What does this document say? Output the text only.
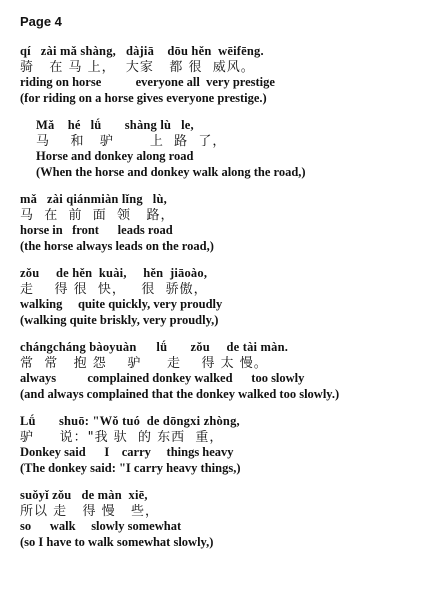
Page 4
qí   zài mǎ shàng,   dàjiā    dōu hěn  wēifēng.
骑   在 马 上，  大家   都 很  威风。
riding on horse           everyone all  very prestige
(for riding on a horse gives everyone prestige.)
Mǎ    hé   lǘ       shàng lù   le,
马    和   驴       上  路  了，
Horse and donkey along road
(When the horse and donkey walk along the road,)
mǎ   zài qiánmiàn lǐng   lù,
马  在  前  面  领   路，
horse in   front      leads road
(the horse always leads on the road,)
zǒu     de hěn  kuài,     hěn  jiāoào,
走    得 很  快，   很  骄傲，
walking     quite quickly, very proudly
(walking quite briskly, very proudly,)
chángcháng bàoyuàn      lǘ       zǒu     de tài màn.
常  常   抱 怨    驴     走    得 太 慢。
always          complained donkey walked      too slowly
(and always complained that the donkey walked too slowly.)
Lǘ       shuō: "Wǒ tuó  de dōngxi zhòng,
驴     说："我 驮  的 东西  重，
Donkey said      I    carry     things heavy
(The donkey said: "I carry heavy things,)
suǒyǐ zǒu   de màn  xiē,
所以 走   得 慢   些，
so      walk     slowly somewhat
(so I have to walk somewhat slowly,)
